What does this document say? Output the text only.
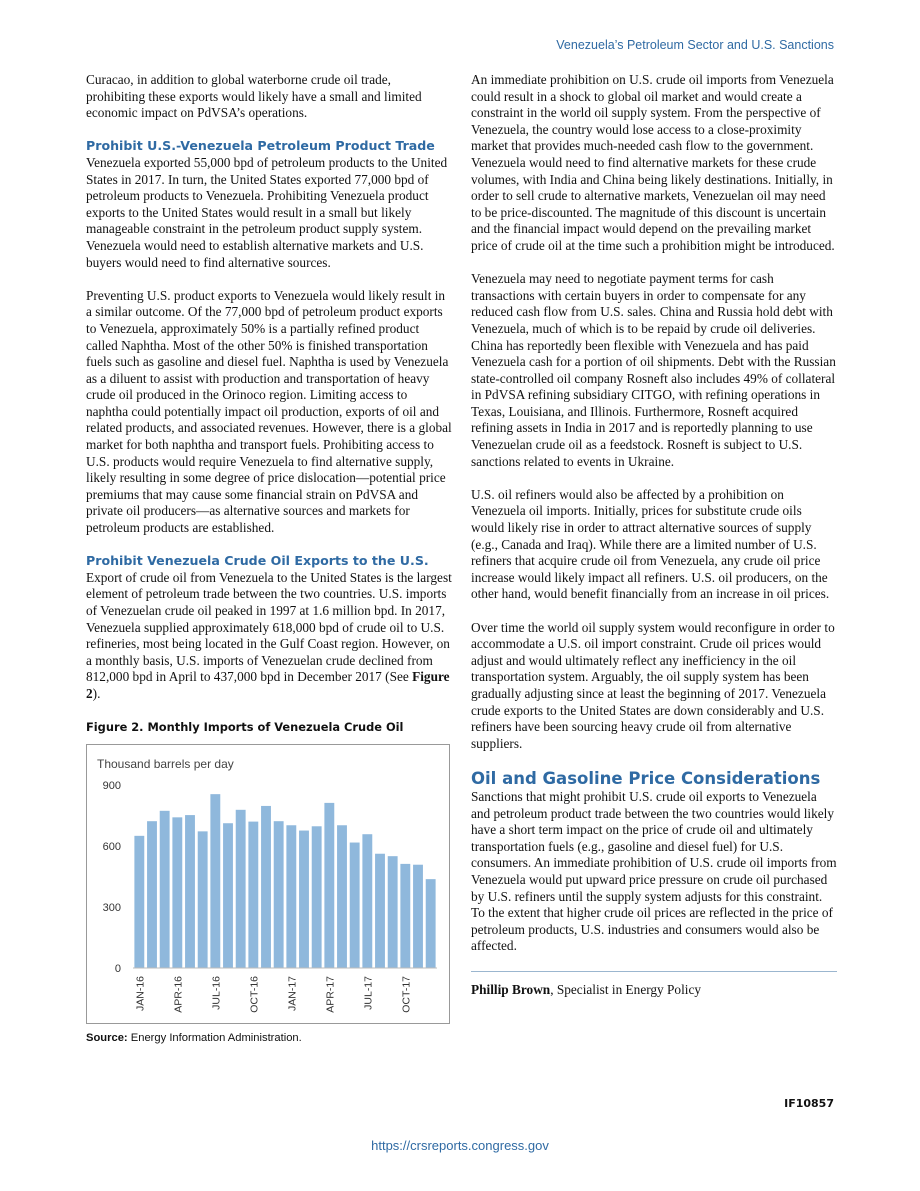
Venezuela’s Petroleum Sector and U.S. Sanctions

Curacao, in addition to global waterborne crude oil trade, prohibiting these exports would likely have a small and limited economic impact on PdVSA’s operations.

Prohibit U.S.-Venezuela Petroleum Product Trade

Venezuela exported 55,000 bpd of petroleum products to the United States in 2017. In turn, the United States exported 77,000 bpd of petroleum products to Venezuela. Prohibiting Venezuela product exports to the United States would result in a small but likely manageable constraint in the petroleum product supply system. Venezuela would need to establish alternative markets and U.S. buyers would need to find alternative sources.

Preventing U.S. product exports to Venezuela would likely result in a similar outcome. Of the 77,000 bpd of petroleum product exports to Venezuela, approximately 50% is a partially refined product called Naphtha. Most of the other 50% is finished transportation fuels such as gasoline and diesel fuel. Naphtha is used by Venezuela as a diluent to assist with production and transportation of heavy crude oil produced in the Orinoco region. Limiting access to naphtha could potentially impact oil production, exports of oil and related products, and associated revenues. However, there is a global market for both naphtha and transport fuels. Prohibiting access to U.S. products would require Venezuela to find alternative supply, likely resulting in some degree of price dislocation—potential price premiums that may cause some financial strain on PdVSA and private oil producers—as alternative sources and markets for petroleum products are established.

Prohibit Venezuela Crude Oil Exports to the U.S.

Export of crude oil from Venezuela to the United States is the largest element of petroleum trade between the two countries. U.S. imports of Venezuelan crude oil peaked in 1997 at 1.6 million bpd. In 2017, Venezuela supplied approximately 618,000 bpd of crude oil to U.S. refineries, most being located in the Gulf Coast region. However, on a monthly basis, U.S. imports of Venezuelan crude declined from 812,000 bpd in April to 437,000 bpd in December 2017 (See Figure 2).

Figure 2. Monthly Imports of Venezuela Crude Oil
Thousand barrels per day
0
300
600
900
JAN-16 APR-16 JUL-16 OCT-16 JAN-17 APR-17 JUL-17 OCT-17
Source: Energy Information Administration.

An immediate prohibition on U.S. crude oil imports from Venezuela could result in a shock to global oil market and would create a constraint in the world oil supply system. From the perspective of Venezuela, the country would lose access to a close-proximity market that provides much-needed cash flow to the government. Venezuela would need to find alternative markets for these crude volumes, with India and China being likely destinations. Initially, in order to sell crude to alternative markets, Venezuelan oil may need to be price-discounted. The magnitude of this discount is uncertain and the financial impact would depend on the prevailing market price of crude oil at the time such a prohibition might be introduced.

Venezuela may need to negotiate payment terms for cash transactions with certain buyers in order to compensate for any reduced cash flow from U.S. sales. China and Russia hold debt with Venezuela, much of which is to be repaid by crude oil deliveries. China has reportedly been flexible with Venezuela and has paid Venezuela cash for a portion of oil shipments. Debt with the Russian state-controlled oil company Rosneft also includes 49% of collateral in PdVSA refining subsidiary CITGO, with refining operations in Texas, Louisiana, and Illinois. Furthermore, Rosneft acquired refining assets in India in 2017 and is reportedly planning to use Venezuelan crude oil as a feedstock. Rosneft is subject to U.S. sanctions related to events in Ukraine.

U.S. oil refiners would also be affected by a prohibition on Venezuela oil imports. Initially, prices for substitute crude oils would likely rise in order to attract alternative sources of supply (e.g., Canada and Iraq). While there are a limited number of U.S. refiners that acquire crude oil from Venezuela, any crude oil price increase would likely impact all refiners. U.S. oil producers, on the other hand, would benefit financially from an increase in oil prices.

Over time the world oil supply system would reconfigure in order to accommodate a U.S. oil import constraint. Crude oil prices would adjust and would ultimately reflect any inefficiency in the oil transportation system. Arguably, the oil supply system has been gradually adjusting since at least the beginning of 2017. Venezuela crude exports to the United States are down considerably and U.S. refiners have been sourcing heavy crude oil from alternative suppliers.

Oil and Gasoline Price Considerations

Sanctions that might prohibit U.S. crude oil exports to Venezuela and petroleum product trade between the two countries would likely have a short term impact on the price of crude oil and ultimately transportation fuels (e.g., gasoline and diesel fuel) for U.S. consumers. An immediate prohibition of U.S. crude oil imports from Venezuela would put upward price pressure on crude oil purchased by U.S. refiners until the supply system adjusts for this constraint. To the extent that higher crude oil prices are reflected in the price of petroleum products, U.S. industries and consumers would also be affected.

Phillip Brown, Specialist in Energy Policy
IF10857
https://crsreports.congress.gov
